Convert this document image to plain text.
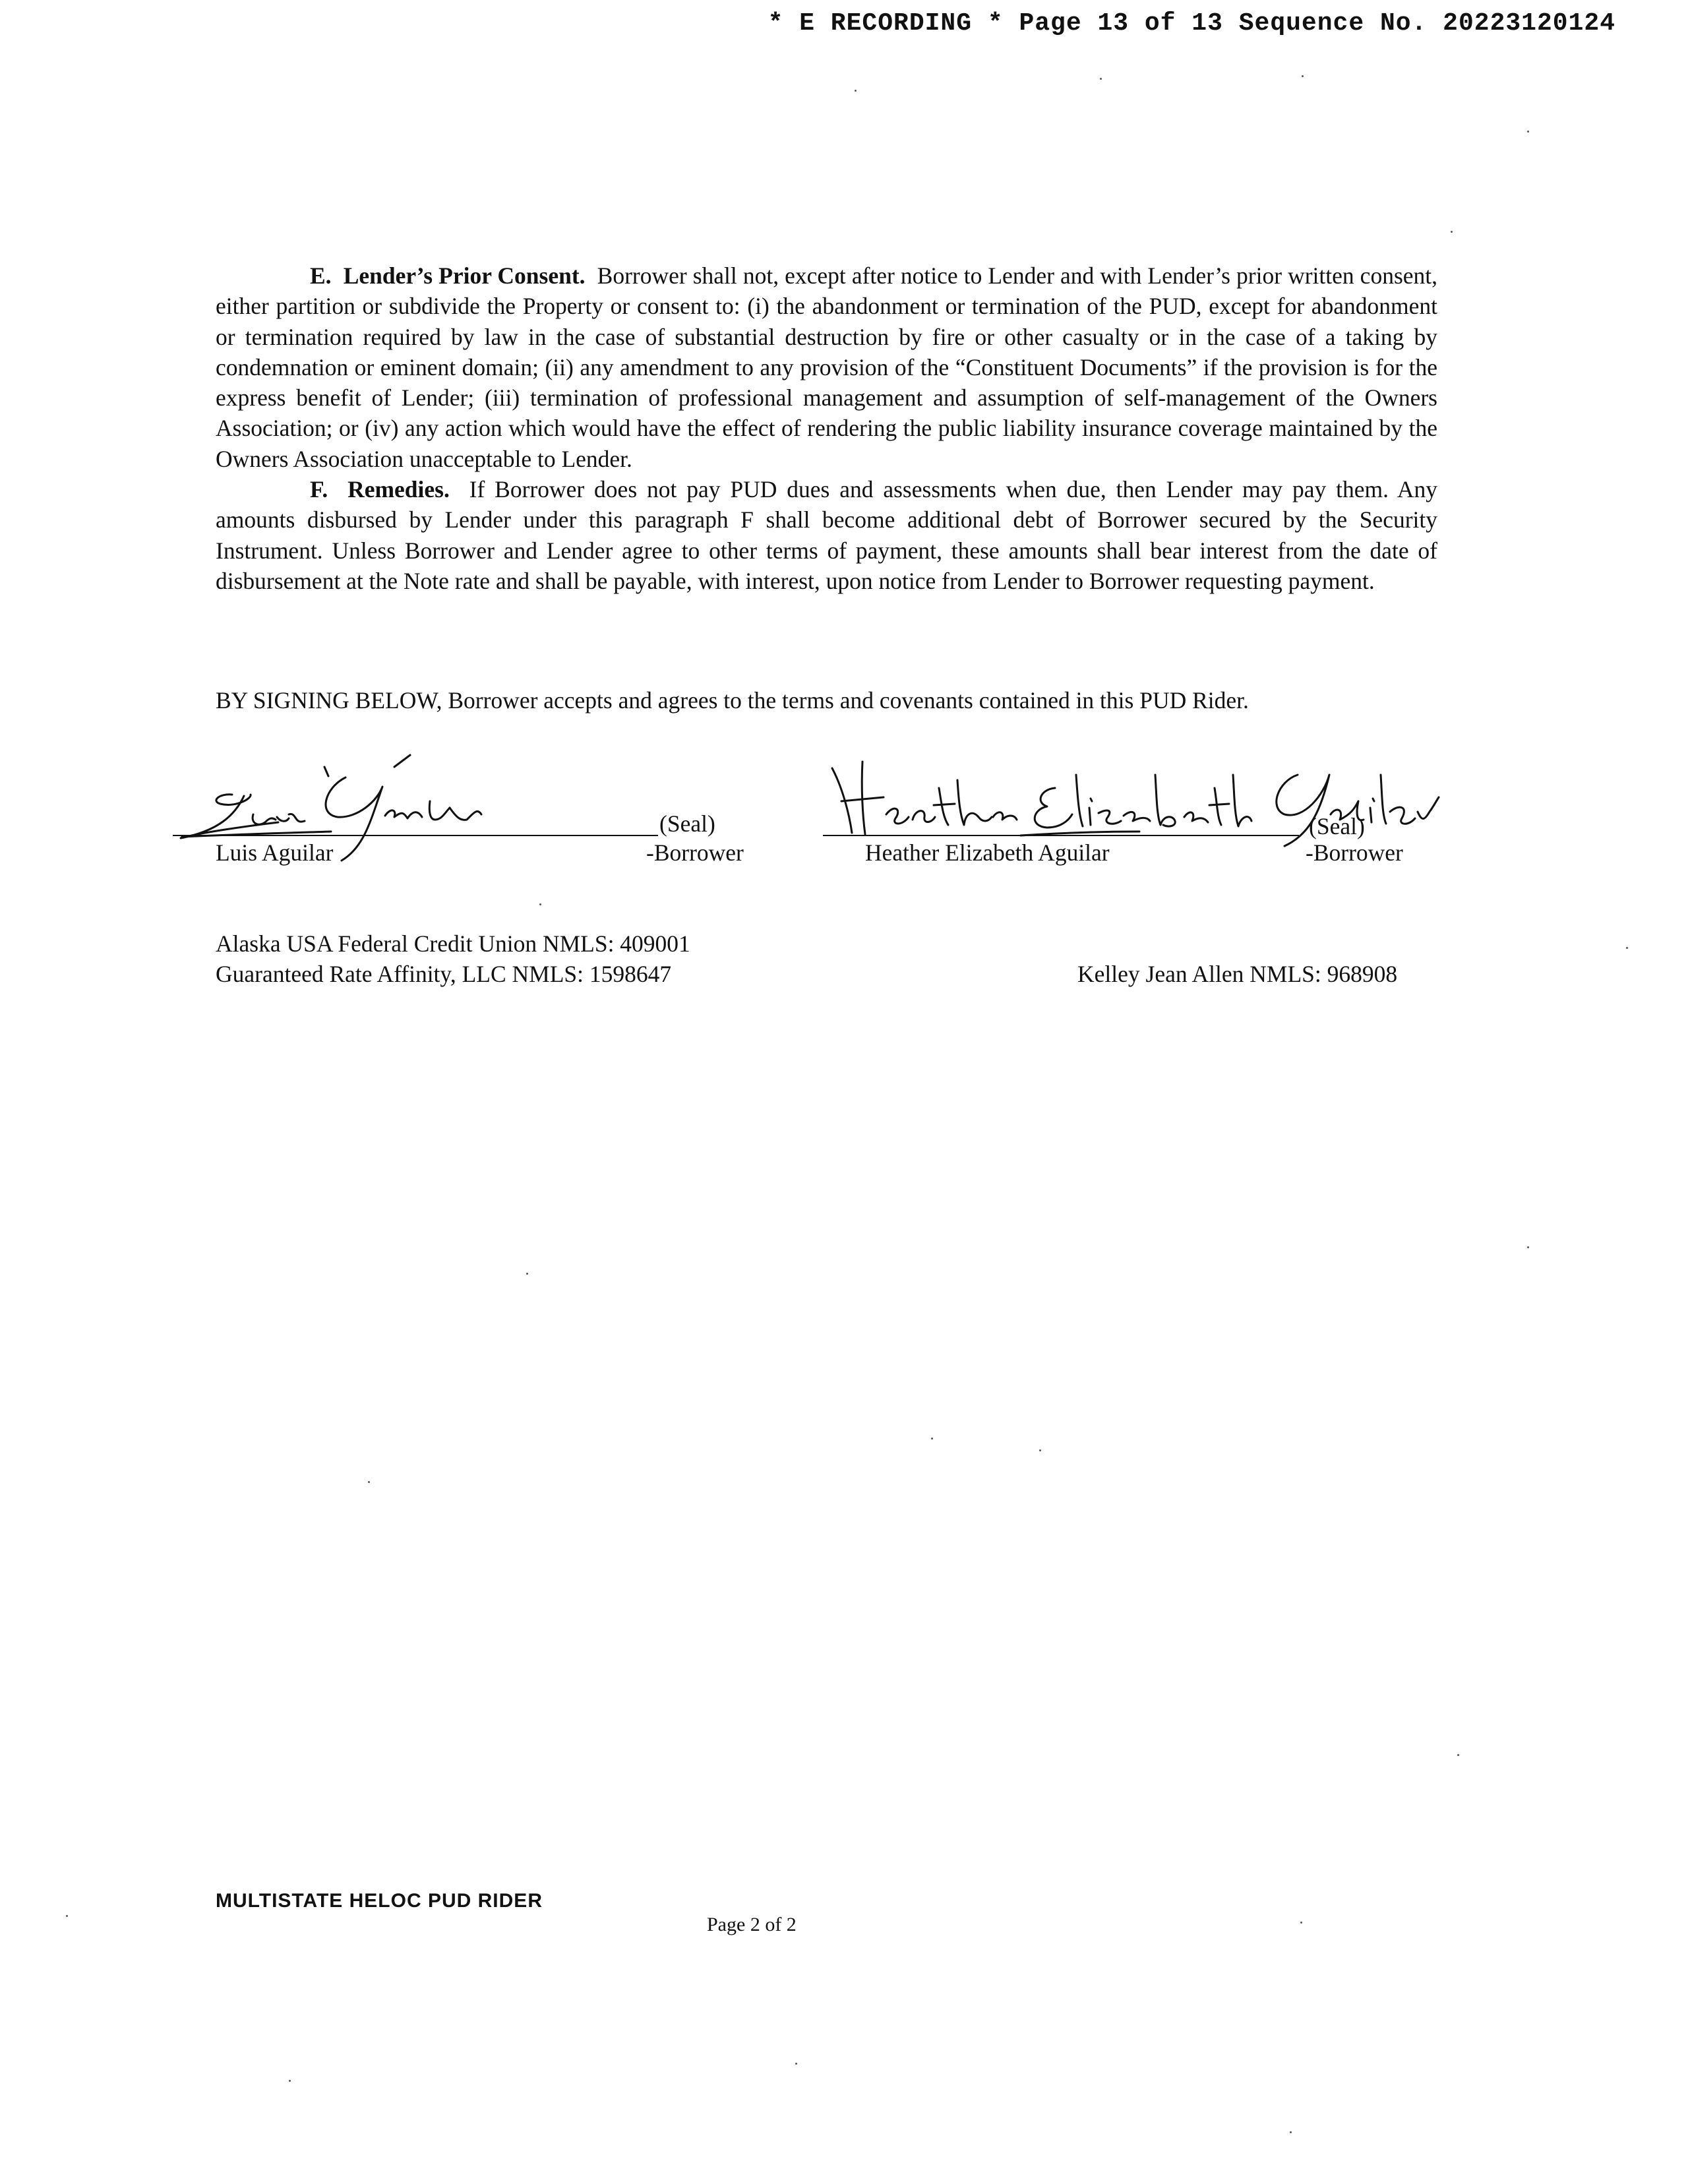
* E RECORDING * Page 13 of 13 Sequence No. 20223120124

E. Lender’s Prior Consent. Borrower shall not, except after notice to Lender and with Lender’s prior written consent, either partition or subdivide the Property or consent to: (i) the abandonment or termination of the PUD, except for abandonment or termination required by law in the case of substantial destruction by fire or other casualty or in the case of a taking by condemnation or eminent domain; (ii) any amendment to any provision of the “Constituent Documents” if the provision is for the express benefit of Lender; (iii) termination of professional management and assumption of self-management of the Owners Association; or (iv) any action which would have the effect of rendering the public liability insurance coverage maintained by the Owners Association unacceptable to Lender.

F. Remedies. If Borrower does not pay PUD dues and assessments when due, then Lender may pay them. Any amounts disbursed by Lender under this paragraph F shall become additional debt of Borrower secured by the Security Instrument. Unless Borrower and Lender agree to other terms of payment, these amounts shall bear interest from the date of disbursement at the Note rate and shall be payable, with interest, upon notice from Lender to Borrower requesting payment.

BY SIGNING BELOW, Borrower accepts and agrees to the terms and covenants contained in this PUD Rider.
(Seal)
Luis Aguilar	-Borrower
(Seal)
Heather Elizabeth Aguilar	-Borrower
Alaska USA Federal Credit Union NMLS: 409001
Guaranteed Rate Affinity, LLC NMLS: 1598647	Kelley Jean Allen NMLS: 968908
MULTISTATE HELOC PUD RIDER
Page 2 of 2
